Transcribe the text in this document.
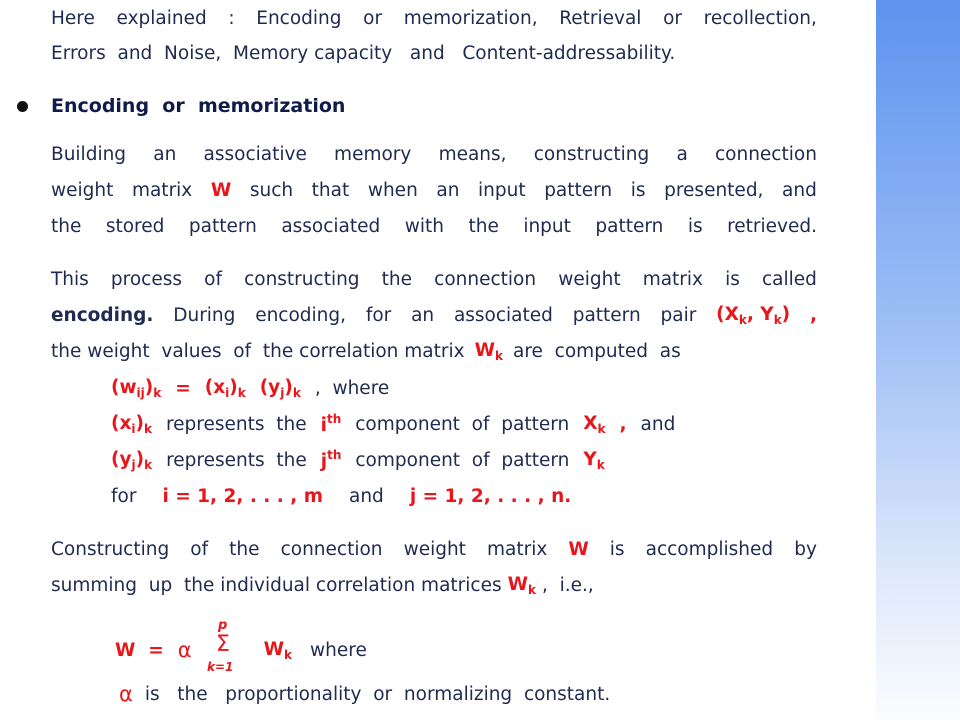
Here explained : Encoding or memorization, Retrieval or recollection,
Errors  and  Noise,  Memory capacity   and   Content-addressability.
Encoding  or  memorization
Building an associative memory means, constructing a connection
weight matrix W such that when an input pattern is presented, and
the stored pattern associated with the input pattern is retrieved.
This process of constructing the connection weight matrix is called
encoding. During encoding, for an associated pattern pair ($X_k$, $Y_k$) ,
the weight  values  of  the correlation matrix $W_k$ are  computed  as
$(w_{ij})_k = (x_i)_k$ $(y_j)_k$ ,  where
$(x_i)_k$ represents  the $i^{th}$ component  of  pattern $X_k$ , and
$(y_j)_k$ represents  the $j^{th}$ component  of  pattern $Y_k$
for i = 1, 2, . . . , m and j = 1, 2, . . . , n.
Constructing of the connection weight matrix W is accomplished by
summing  up  the individual correlation matrices $W_k$ ,  i.e.,
W  = α	$W_k$ where
p
Σ
k=1
α is   the   proportionality  or  normalizing  constant.
